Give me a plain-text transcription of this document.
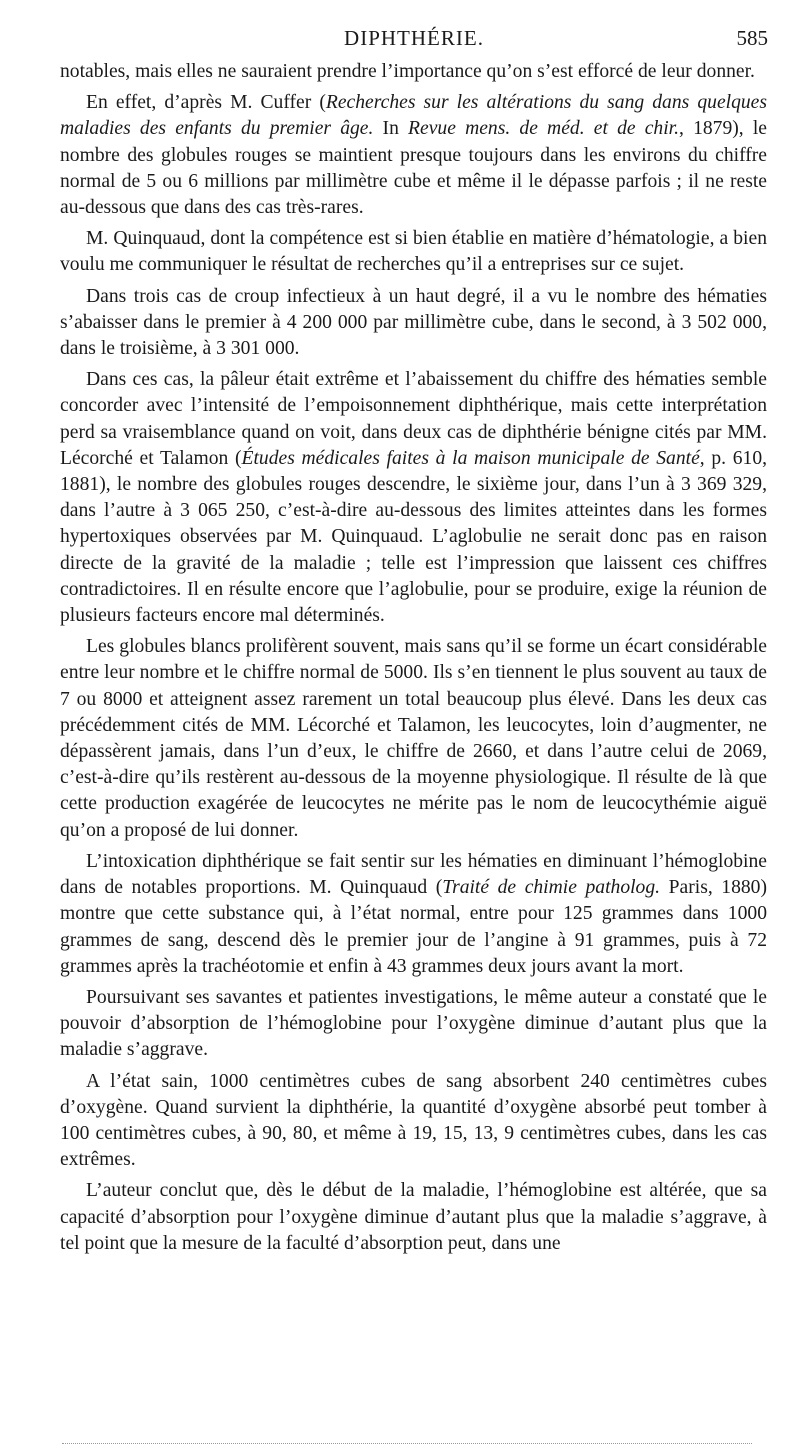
DIPHTHÉRIE.	585

notables, mais elles ne sauraient prendre l’importance qu’on s’est efforcé de leur donner.

En effet, d’après M. Cuffer (Recherches sur les altérations du sang dans quelques maladies des enfants du premier âge. In Revue mens. de méd. et de chir., 1879), le nombre des globules rouges se maintient presque toujours dans les environs du chiffre normal de 5 ou 6 millions par millimètre cube et même il le dépasse parfois ; il ne reste au-dessous que dans des cas très-rares.

M. Quinquaud, dont la compétence est si bien établie en matière d’hématologie, a bien voulu me communiquer le résultat de recherches qu’il a entreprises sur ce sujet.

Dans trois cas de croup infectieux à un haut degré, il a vu le nombre des hématies s’abaisser dans le premier à 4 200 000 par millimètre cube, dans le second, à 3 502 000, dans le troisième, à 3 301 000.

Dans ces cas, la pâleur était extrême et l’abaissement du chiffre des hématies semble concorder avec l’intensité de l’empoisonnement diphthérique, mais cette interprétation perd sa vraisemblance quand on voit, dans deux cas de diphthérie bénigne cités par MM. Lécorché et Talamon (Études médicales faites à la maison municipale de Santé, p. 610, 1881), le nombre des globules rouges descendre, le sixième jour, dans l’un à 3 369 329, dans l’autre à 3 065 250, c’est-à-dire au-dessous des limites atteintes dans les formes hypertoxiques observées par M. Quinquaud. L’aglobulie ne serait donc pas en raison directe de la gravité de la maladie ; telle est l’impression que laissent ces chiffres contradictoires. Il en résulte encore que l’aglobulie, pour se produire, exige la réunion de plusieurs facteurs encore mal déterminés.

Les globules blancs prolifèrent souvent, mais sans qu’il se forme un écart considérable entre leur nombre et le chiffre normal de 5000. Ils s’en tiennent le plus souvent au taux de 7 ou 8000 et atteignent assez rarement un total beaucoup plus élevé. Dans les deux cas précédemment cités de MM. Lécorché et Talamon, les leucocytes, loin d’augmenter, ne dépassèrent jamais, dans l’un d’eux, le chiffre de 2660, et dans l’autre celui de 2069, c’est-à-dire qu’ils restèrent au-dessous de la moyenne physiologique. Il résulte de là que cette production exagérée de leucocytes ne mérite pas le nom de leucocythémie aiguë qu’on a proposé de lui donner.

L’intoxication diphthérique se fait sentir sur les hématies en diminuant l’hémoglobine dans de notables proportions. M. Quinquaud (Traité de chimie patholog. Paris, 1880) montre que cette substance qui, à l’état normal, entre pour 125 grammes dans 1000 grammes de sang, descend dès le premier jour de l’angine à 91 grammes, puis à 72 grammes après la trachéotomie et enfin à 43 grammes deux jours avant la mort.

Poursuivant ses savantes et patientes investigations, le même auteur a constaté que le pouvoir d’absorption de l’hémoglobine pour l’oxygène diminue d’autant plus que la maladie s’aggrave.

A l’état sain, 1000 centimètres cubes de sang absorbent 240 centimètres cubes d’oxygène. Quand survient la diphthérie, la quantité d’oxygène absorbé peut tomber à 100 centimètres cubes, à 90, 80, et même à 19, 15, 13, 9 centimètres cubes, dans les cas extrêmes.

L’auteur conclut que, dès le début de la maladie, l’hémoglobine est altérée, que sa capacité d’absorption pour l’oxygène diminue d’autant plus que la maladie s’aggrave, à tel point que la mesure de la faculté d’absorption peut, dans une
